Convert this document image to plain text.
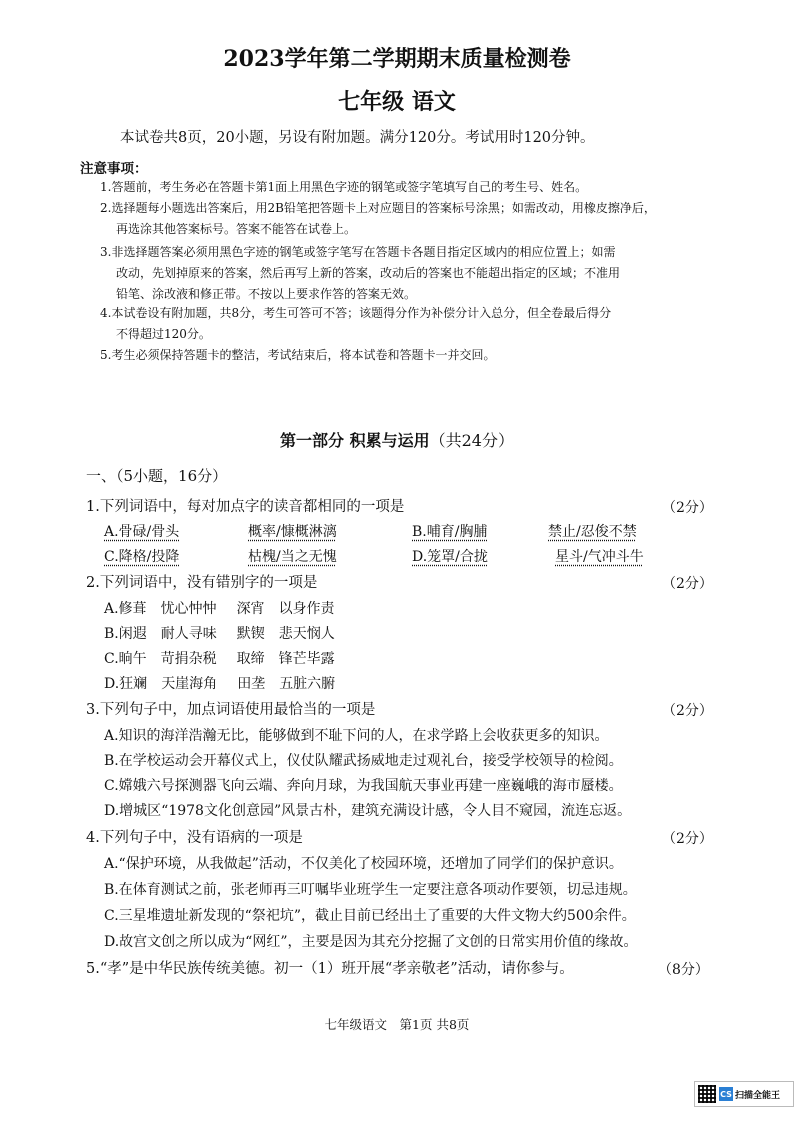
2023学年第二学期期末质量检测卷
七年级 语文
本试卷共8页，20小题，另设有附加题。满分120分。考试用时120分钟。
注意事项：
1.答题前，考生务必在答题卡第1面上用黑色字迹的钢笔或签字笔填写自己的考生号、姓名。
2.选择题每小题选出答案后，用2B铅笔把答题卡上对应题目的答案标号涂黑；如需改动，用橡皮擦净后，
再选涂其他答案标号。答案不能答在试卷上。
3.非选择题答案必须用黑色字迹的钢笔或签字笔写在答题卡各题目指定区域内的相应位置上；如需
改动，先划掉原来的答案，然后再写上新的答案，改动后的答案也不能超出指定的区域；不准用
铅笔、涂改液和修正带。不按以上要求作答的答案无效。
4.本试卷设有附加题，共8分，考生可答可不答；该题得分作为补偿分计入总分，但全卷最后得分
不得超过120分。
5.考生必须保持答题卡的整洁，考试结束后，将本试卷和答题卡一并交回。
第一部分 积累与运用（共24分）
一、（5小题，16分）
1.下列词语中，每对加点字的读音都相同的一项是	（2分）
A.骨碌/骨头	概率/慷概淋漓	B.哺育/胸脯	禁止/忍俊不禁
C.降格/投降	枯槐/当之无愧	D.笼罩/合拢	星斗/气冲斗牛
2.下列词语中，没有错别字的一项是	（2分）
A.修葺 忧心忡忡 深宵 以身作责
B.闲遐 耐人寻味 默锲 悲天悯人
C.晌午 苛捐杂税 取缔 锋芒毕露
D.狂斓 天崖海角 田垄 五脏六腑
3.下列句子中，加点词语使用最恰当的一项是	（2分）
A.知识的海洋浩瀚无比，能够做到不耻下问的人，在求学路上会收获更多的知识。
B.在学校运动会开幕仪式上，仪仗队耀武扬威地走过观礼台，接受学校领导的检阅。
C.嫦娥六号探测器飞向云端、奔向月球，为我国航天事业再建一座巍峨的海市蜃楼。
D.增城区“1978文化创意园”风景古朴，建筑充满设计感，令人目不窥园，流连忘返。
4.下列句子中，没有语病的一项是	（2分）
A.“保护环境，从我做起”活动，不仅美化了校园环境，还增加了同学们的保护意识。
B.在体育测试之前，张老师再三叮嘱毕业班学生一定要注意各项动作要领，切忌违规。
C.三星堆遗址新发现的“祭祀坑”，截止目前已经出土了重要的大件文物大约500余件。
D.故宫文创之所以成为“网红”，主要是因为其充分挖掘了文创的日常实用价值的缘故。
5.“孝”是中华民族传统美德。初一（1）班开展“孝亲敬老”活动，请你参与。	（8分）
七年级语文　第1页 共8页
CS 扫描全能王
